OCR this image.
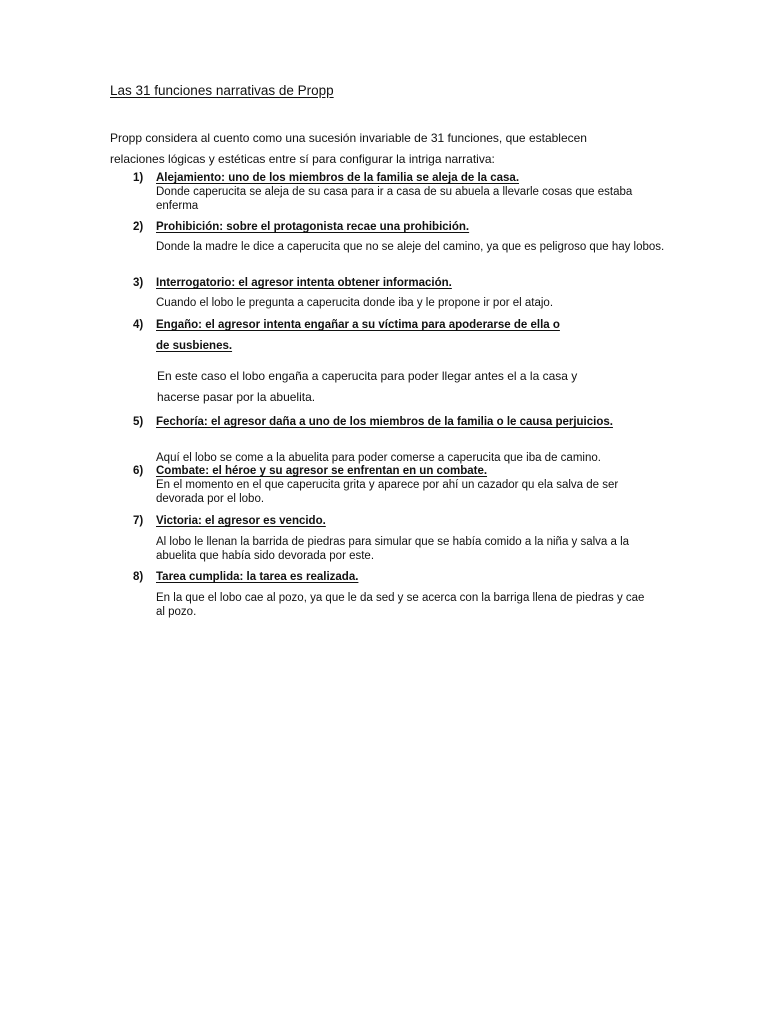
Las 31 funciones narrativas de Propp
Propp considera al cuento como una sucesión invariable de 31 funciones, que establecen
relaciones lógicas y estéticas entre sí para configurar la intriga narrativa:
1) Alejamiento: uno de los miembros de la familia se aleja de la casa.
Donde caperucita se aleja de su casa para ir a casa de su abuela a llevarle cosas que estaba enferma
2) Prohibición: sobre el protagonista recae una prohibición.
Donde la madre le dice a caperucita que no se aleje del camino, ya que es peligroso que hay lobos.
3) Interrogatorio: el agresor intenta obtener información.
Cuando el lobo le pregunta a caperucita donde iba y le propone ir por el atajo.
4) Engaño: el agresor intenta engañar a su víctima para apoderarse de ella o
de susbienes.
En este caso el lobo engaña a caperucita para poder llegar antes el a la casa y
hacerse pasar por la abuelita.
5) Fechoría: el agresor daña a uno de los miembros de la familia o le causa perjuicios.
Aquí el lobo se come a la abuelita para poder comerse a caperucita que iba de camino.
6) Combate: el héroe y su agresor se enfrentan en un combate.
En el momento en el que caperucita grita y aparece por ahí un cazador qu ela salva de ser devorada por el lobo.
7) Victoria: el agresor es vencido.
Al lobo le llenan la barrida de piedras para simular que se había comido a la niña y salva a la abuelita que había sido devorada por este.
8) Tarea cumplida: la tarea es realizada.
En la que el lobo cae al pozo, ya que le da sed y se acerca con la barriga llena de piedras y cae al pozo.
